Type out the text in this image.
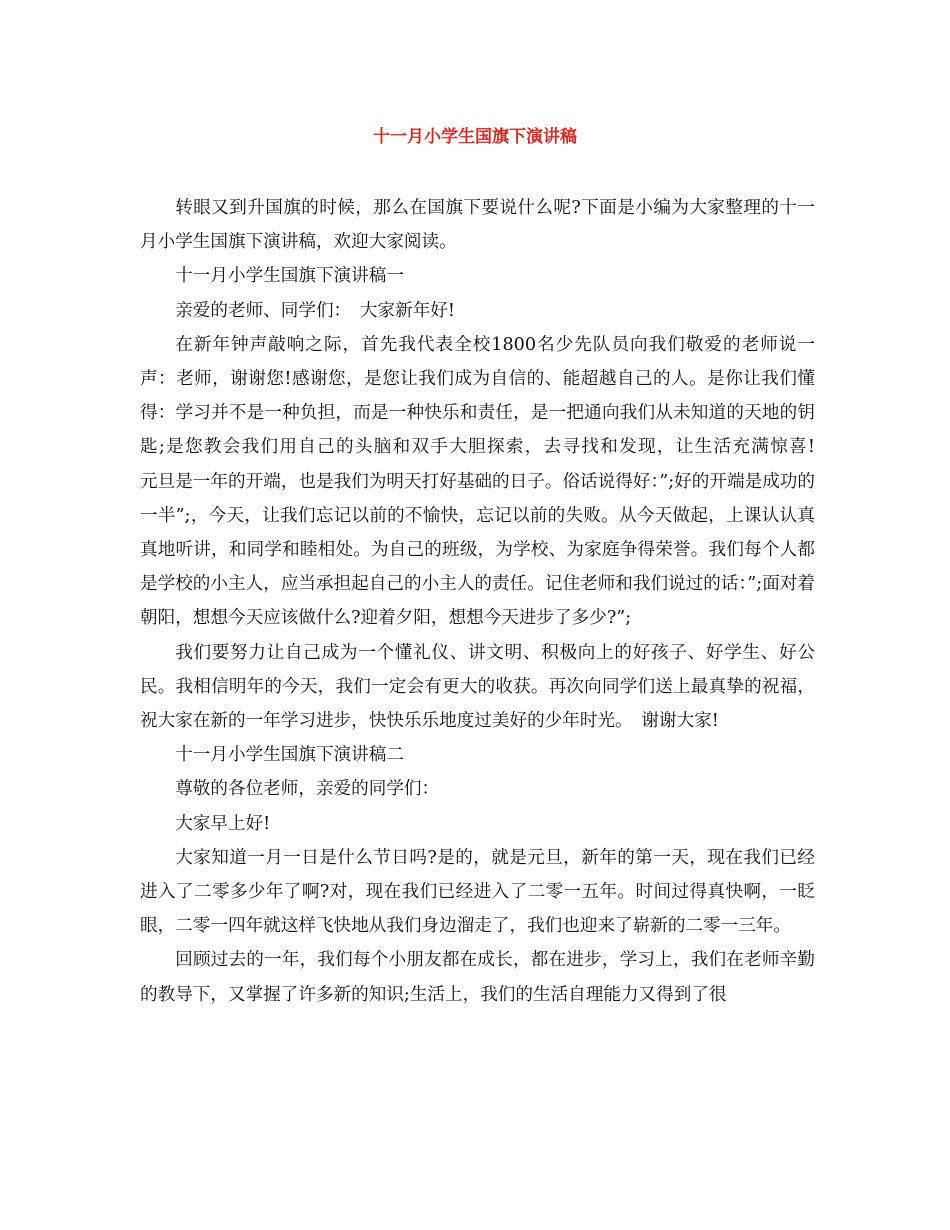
十一月小学生国旗下演讲稿

转眼又到升国旗的时候，那么在国旗下要说什么呢?下面是小编为大家整理的十一月小学生国旗下演讲稿，欢迎大家阅读。

十一月小学生国旗下演讲稿一

亲爱的老师、同学们：　大家新年好!

在新年钟声敲响之际，首先我代表全校1800名少先队员向我们敬爱的老师说一声：老师，谢谢您!感谢您，是您让我们成为自信的、能超越自己的人。是你让我们懂得：学习并不是一种负担，而是一种快乐和责任，是一把通向我们从未知道的天地的钥匙;是您教会我们用自己的头脑和双手大胆探索，去寻找和发现，让生活充满惊喜!　　　元旦是一年的开端，也是我们为明天打好基础的日子。俗话说得好：”;好的开端是成功的一半”;，今天，让我们忘记以前的不愉快，忘记以前的失败。从今天做起，上课认认真真地听讲，和同学和睦相处。为自己的班级，为学校、为家庭争得荣誉。我们每个人都是学校的小主人，应当承担起自己的小主人的责任。记住老师和我们说过的话：”;面对着朝阳，想想今天应该做什么?迎着夕阳，想想今天进步了多少?”;

我们要努力让自己成为一个懂礼仪、讲文明、积极向上的好孩子、好学生、好公民。我相信明年的今天，我们一定会有更大的收获。再次向同学们送上最真挚的祝福，祝大家在新的一年学习进步，快快乐乐地度过美好的少年时光。　谢谢大家!

十一月小学生国旗下演讲稿二

尊敬的各位老师，亲爱的同学们：

大家早上好!

大家知道一月一日是什么节日吗?是的，就是元旦，新年的第一天，现在我们已经进入了二零多少年了啊?对，现在我们已经进入了二零一五年。时间过得真快啊，一眨眼，二零一四年就这样飞快地从我们身边溜走了，我们也迎来了崭新的二零一三年。

回顾过去的一年，我们每个小朋友都在成长，都在进步，学习上，我们在老师辛勤的教导下，又掌握了许多新的知识;生活上，我们的生活自理能力又得到了很
